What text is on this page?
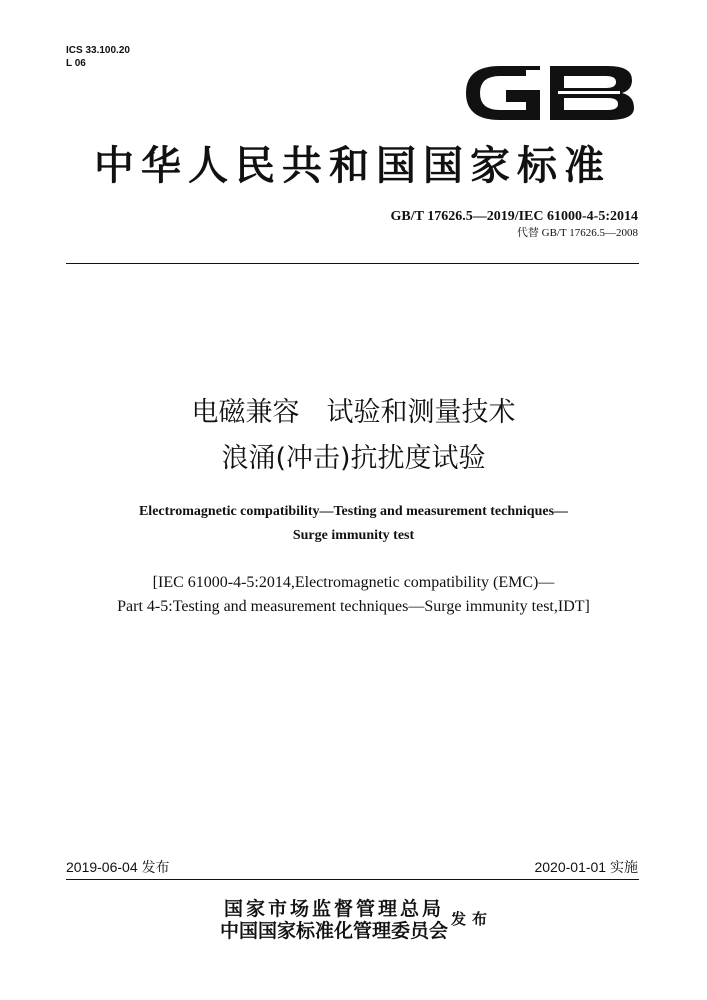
ICS 33.100.20
L 06
中华人民共和国国家标准
GB/T 17626.5—2019/IEC 61000-4-5:2014
代替 GB/T 17626.5—2008
电磁兼容　试验和测量技术
浪涌(冲击)抗扰度试验
Electromagnetic compatibility—Testing and measurement techniques—
Surge immunity test
[IEC 61000-4-5:2014,Electromagnetic compatibility (EMC)—
Part 4-5:Testing and measurement techniques—Surge immunity test,IDT]
2019-06-04 发布	2020-01-01 实施
国家市场监督管理总局
中国国家标准化管理委员会
发布
